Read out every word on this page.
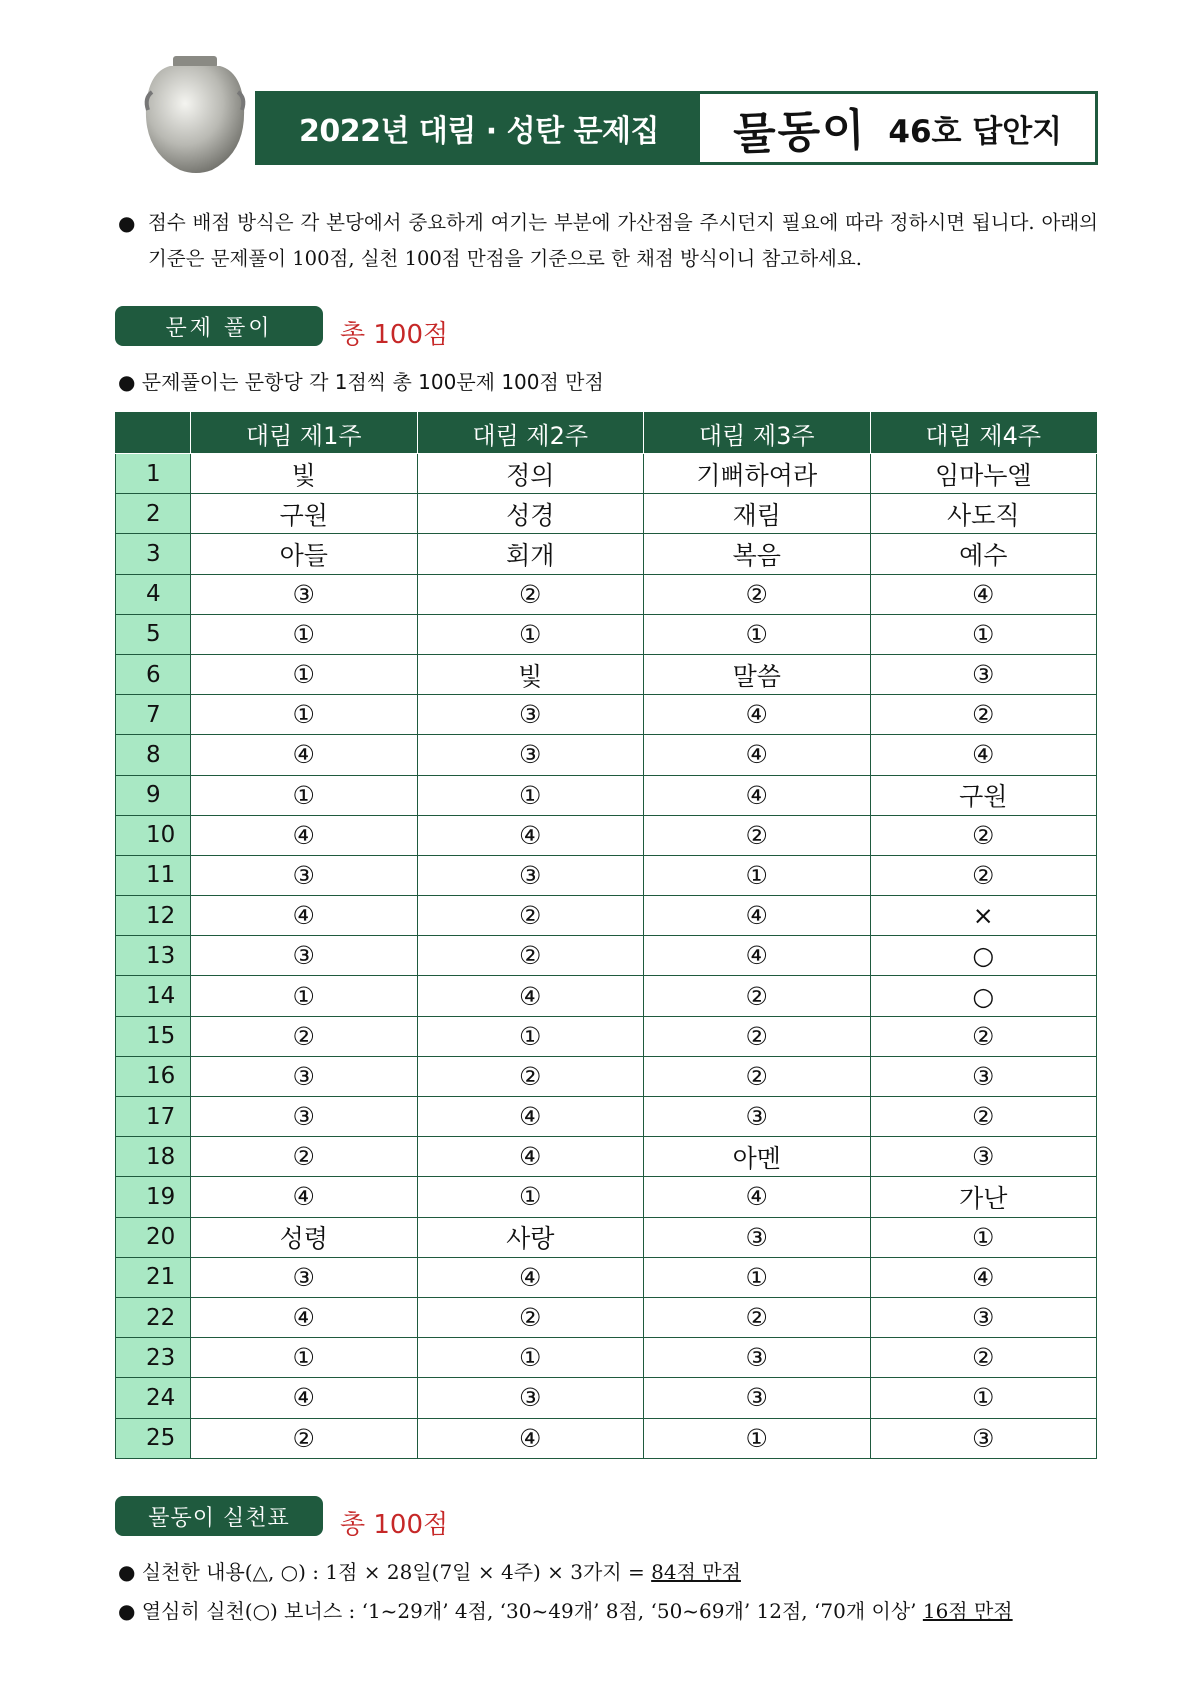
2022년 대림 · 성탄 문제집	물동이 46호 답안지
● 점수 배점 방식은 각 본당에서 중요하게 여기는 부분에 가산점을 주시던지 필요에 따라 정하시면 됩니다. 아래의 기준은 문제풀이 100점, 실천 100점 만점을 기준으로 한 채점 방식이니 참고하세요.
문제 풀이	총 100점
● 문제풀이는 문항당 각 1점씩 총 100문제 100점 만점
	대림 제1주	대림 제2주	대림 제3주	대림 제4주
1	빛	정의	기뻐하여라	임마누엘
2	구원	성경	재림	사도직
3	아들	회개	복음	예수
4	③	②	②	④
5	①	①	①	①
6	①	빛	말씀	③
7	①	③	④	②
8	④	③	④	④
9	①	①	④	구원
10	④	④	②	②
11	③	③	①	②
12	④	②	④	×
13	③	②	④	○
14	①	④	②	○
15	②	①	②	②
16	③	②	②	③
17	③	④	③	②
18	②	④	아멘	③
19	④	①	④	가난
20	성령	사랑	③	①
21	③	④	①	④
22	④	②	②	③
23	①	①	③	②
24	④	③	③	①
25	②	④	①	③
물동이 실천표	총 100점
● 실천한 내용(△, ○) : 1점 × 28일(7일 × 4주) × 3가지 = 84점 만점
● 열심히 실천(○) 보너스 : ‘1~29개’ 4점, ‘30~49개’ 8점, ‘50~69개’ 12점, ‘70개 이상’ 16점 만점
